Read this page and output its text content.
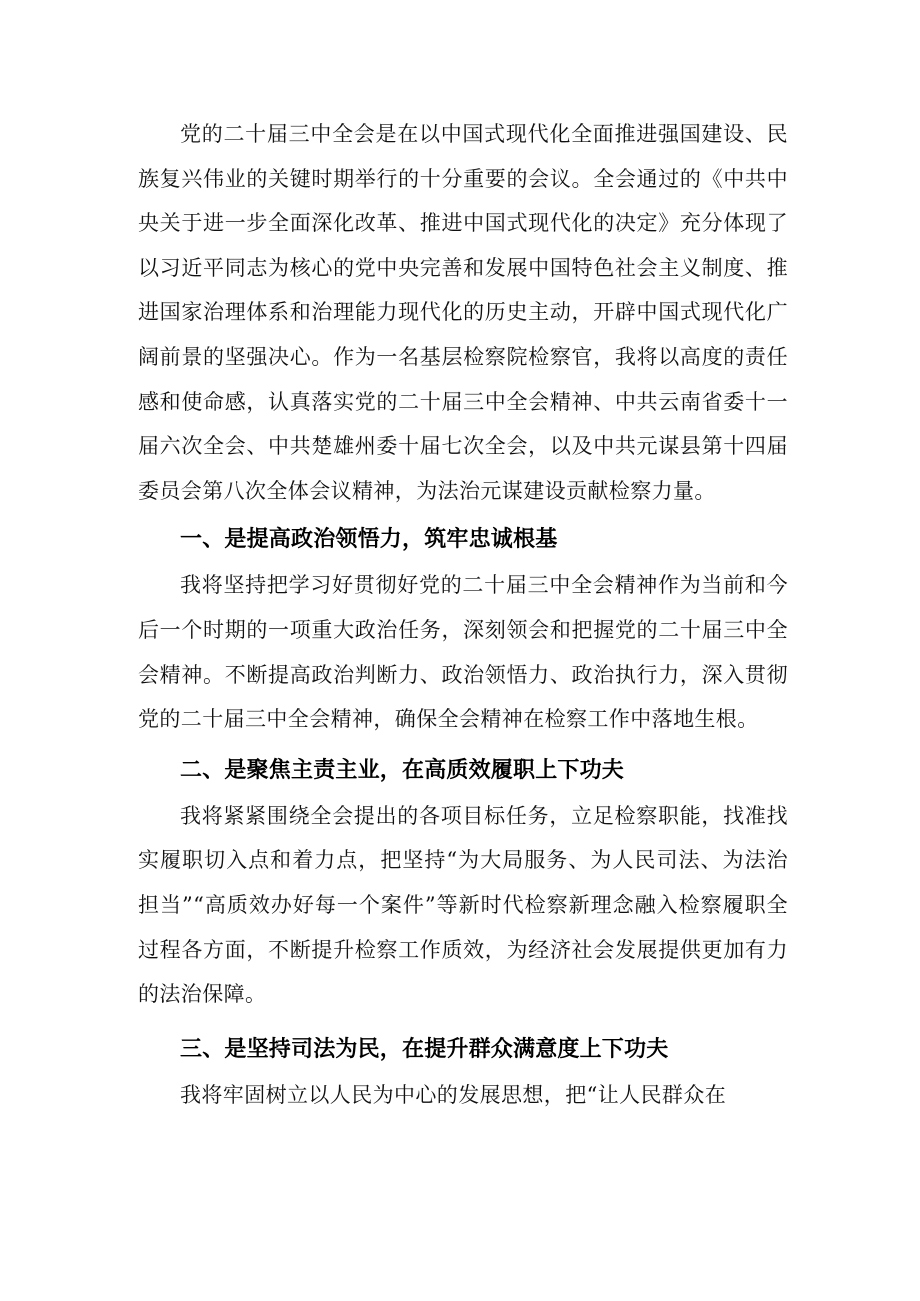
党的二十届三中全会是在以中国式现代化全面推进强国建设、民族复兴伟业的关键时期举行的十分重要的会议。全会通过的《中共中央关于进一步全面深化改革、推进中国式现代化的决定》充分体现了以习近平同志为核心的党中央完善和发展中国特色社会主义制度、推进国家治理体系和治理能力现代化的历史主动，开辟中国式现代化广阔前景的坚强决心。作为一名基层检察院检察官，我将以高度的责任感和使命感，认真落实党的二十届三中全会精神、中共云南省委十一届六次全会、中共楚雄州委十届七次全会，以及中共元谋县第十四届委员会第八次全体会议精神，为法治元谋建设贡献检察力量。

一、是提高政治领悟力，筑牢忠诚根基

我将坚持把学习好贯彻好党的二十届三中全会精神作为当前和今后一个时期的一项重大政治任务，深刻领会和把握党的二十届三中全会精神。不断提高政治判断力、政治领悟力、政治执行力，深入贯彻党的二十届三中全会精神，确保全会精神在检察工作中落地生根。

二、是聚焦主责主业，在高质效履职上下功夫

我将紧紧围绕全会提出的各项目标任务，立足检察职能，找准找实履职切入点和着力点，把坚持“为大局服务、为人民司法、为法治担当”“高质效办好每一个案件”等新时代检察新理念融入检察履职全过程各方面，不断提升检察工作质效，为经济社会发展提供更加有力的法治保障。

三、是坚持司法为民，在提升群众满意度上下功夫

我将牢固树立以人民为中心的发展思想，把“让人民群众在
